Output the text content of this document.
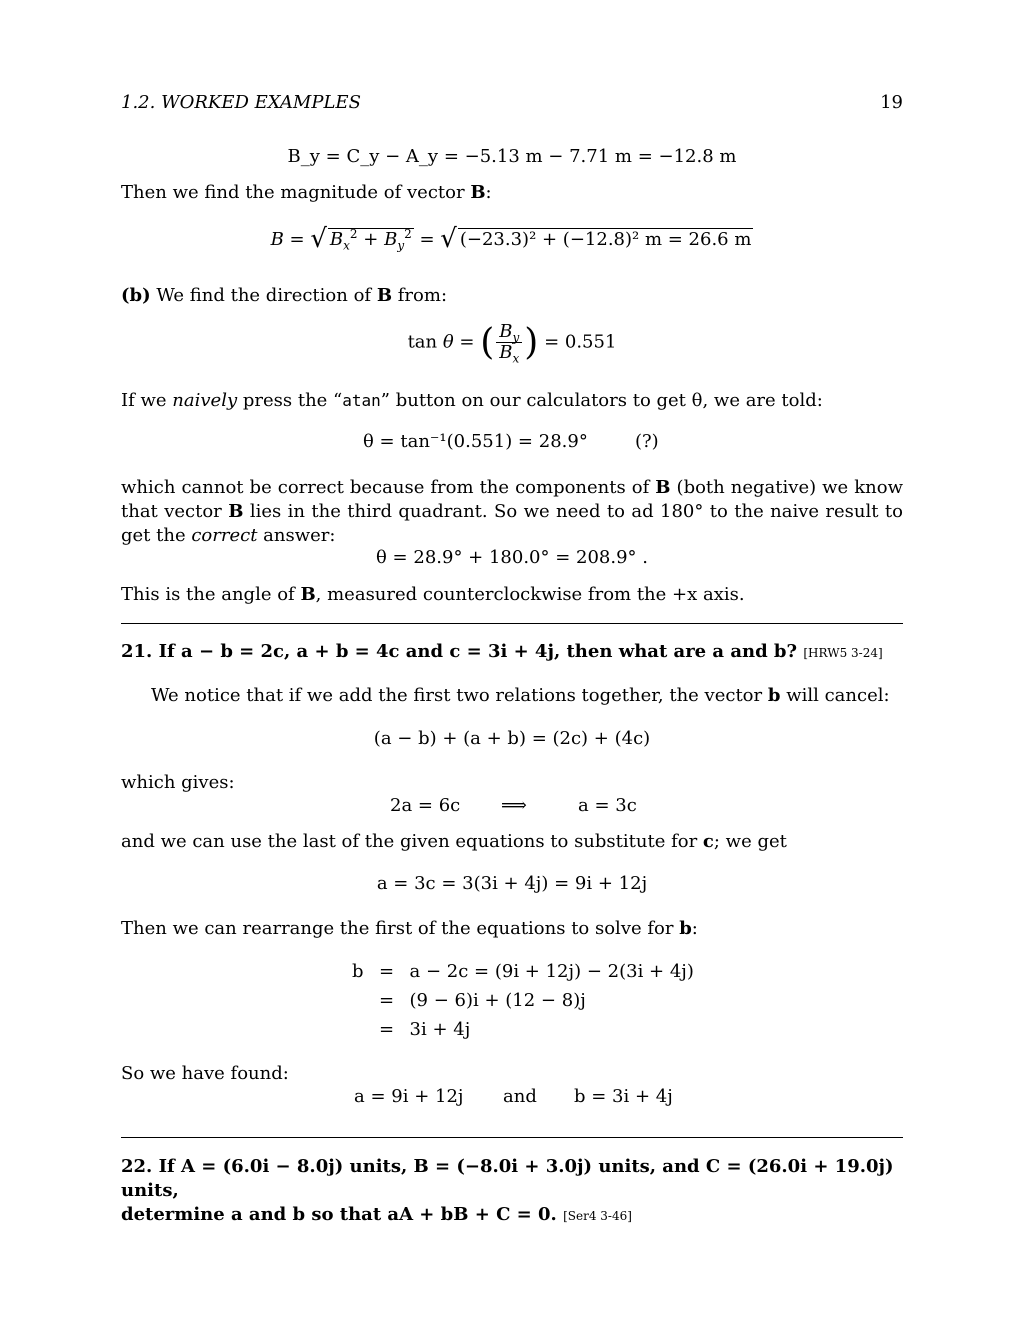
1.2. WORKED EXAMPLES	19
B_y = C_y − A_y = −5.13 m − 7.71 m = −12.8 m
Then we find the magnitude of vector B:
B = √ $B_x^2 + B_y^2$ = √ (−23.3)² + (−12.8)² m = 26.6 m
(b) We find the direction of B from:
tan θ = ( $\frac{B_y}{B_x}$ ) = 0.551
If we naively press the “atan” button on our calculators to get θ, we are told:
θ = tan⁻¹(0.551) = 28.9°	(?)
which cannot be correct because from the components of B (both negative) we know that vector B lies in the third quadrant. So we need to ad 180° to the naive result to get the correct answer:
θ = 28.9° + 180.0° = 208.9° .
This is the angle of B, measured counterclockwise from the +x axis.
21. If a − b = 2c, a + b = 4c and c = 3i + 4j, then what are a and b? [HRW5 3-24]
We notice that if we add the first two relations together, the vector b will cancel:
(a − b) + (a + b) = (2c) + (4c)
which gives:
2a = 6c ⟹	a = 3c
and we can use the last of the given equations to substitute for c; we get
a = 3c = 3(3i + 4j) = 9i + 12j
Then we can rearrange the first of the equations to solve for b:
b	=	a − 2c = (9i + 12j) − 2(3i + 4j)
	=	(9 − 6)i + (12 − 8)j
	=	3i + 4j
So we have found:
a = 9i + 12j and b = 3i + 4j
22. If A = (6.0i − 8.0j) units, B = (−8.0i + 3.0j) units, and C = (26.0i + 19.0j) units,
determine a and b so that aA + bB + C = 0. [Ser4 3-46]
